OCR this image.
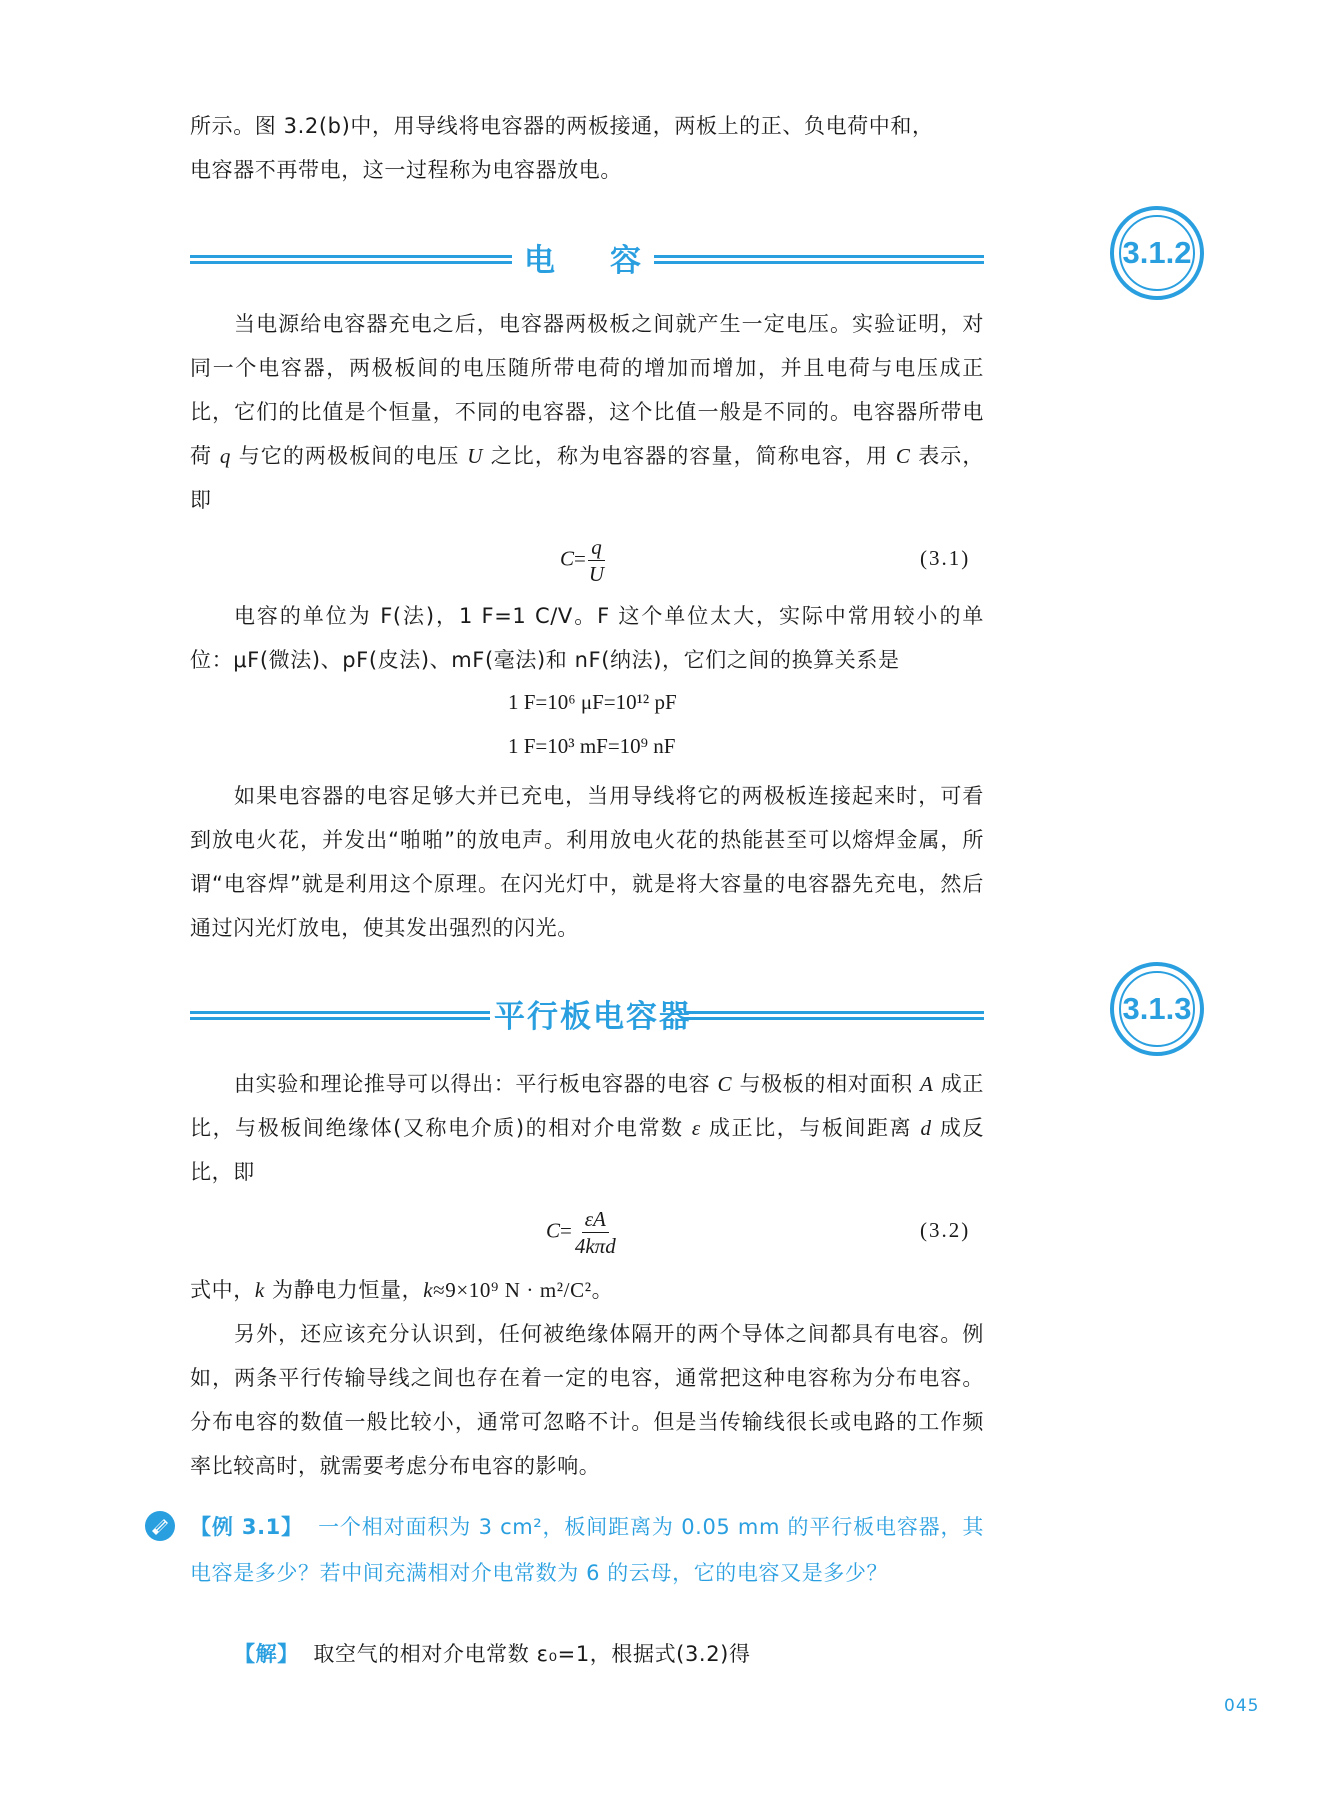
所示。图 3.2(b)中，用导线将电容器的两板接通，两板上的正、负电荷中和，

电容器不再带电，这一过程称为电容器放电。

电 容	3.1.2

当电源给电容器充电之后，电容器两极板之间就产生一定电压。实验证明，对同一个电容器，两极板间的电压随所带电荷的增加而增加，并且电荷与电压成正比，它们的比值是个恒量，不同的电容器，这个比值一般是不同的。电容器所带电荷 q 与它的两极板间的电压 U 之比，称为电容器的容量，简称电容，用 C 表示，即

$C= \frac{q}{U}$	(3.1)

电容的单位为 F(法)，1 F=1 C/V。F 这个单位太大，实际中常用较小的单位：μF(微法)、pF(皮法)、mF(毫法)和 nF(纳法)，它们之间的换算关系是

1 F=10⁶ μF=10¹² pF
1 F=10³ mF=10⁹ nF

如果电容器的电容足够大并已充电，当用导线将它的两极板连接起来时，可看到放电火花，并发出“啪啪”的放电声。利用放电火花的热能甚至可以熔焊金属，所谓“电容焊”就是利用这个原理。在闪光灯中，就是将大容量的电容器先充电，然后通过闪光灯放电，使其发出强烈的闪光。

平行板电容器	3.1.3

由实验和理论推导可以得出：平行板电容器的电容 C 与极板的相对面积 A 成正比，与极板间绝缘体(又称电介质)的相对介电常数 ε 成正比，与板间距离 d 成反比，即

$C= \frac{\varepsilon A}{\text{4kπd}}$	(3.2)

式中，k 为静电力恒量，k≈9×10⁹ N · m²/C²。

另外，还应该充分认识到，任何被绝缘体隔开的两个导体之间都具有电容。例如，两条平行传输导线之间也存在着一定的电容，通常把这种电容称为分布电容。分布电容的数值一般比较小，通常可忽略不计。但是当传输线很长或电路的工作频率比较高时，就需要考虑分布电容的影响。

【例 3.1】 一个相对面积为 3 cm²，板间距离为 0.05 mm 的平行板电容器，其电容是多少？若中间充满相对介电常数为 6 的云母，它的电容又是多少？

【解】 取空气的相对介电常数 ε₀=1，根据式(3.2)得

045
